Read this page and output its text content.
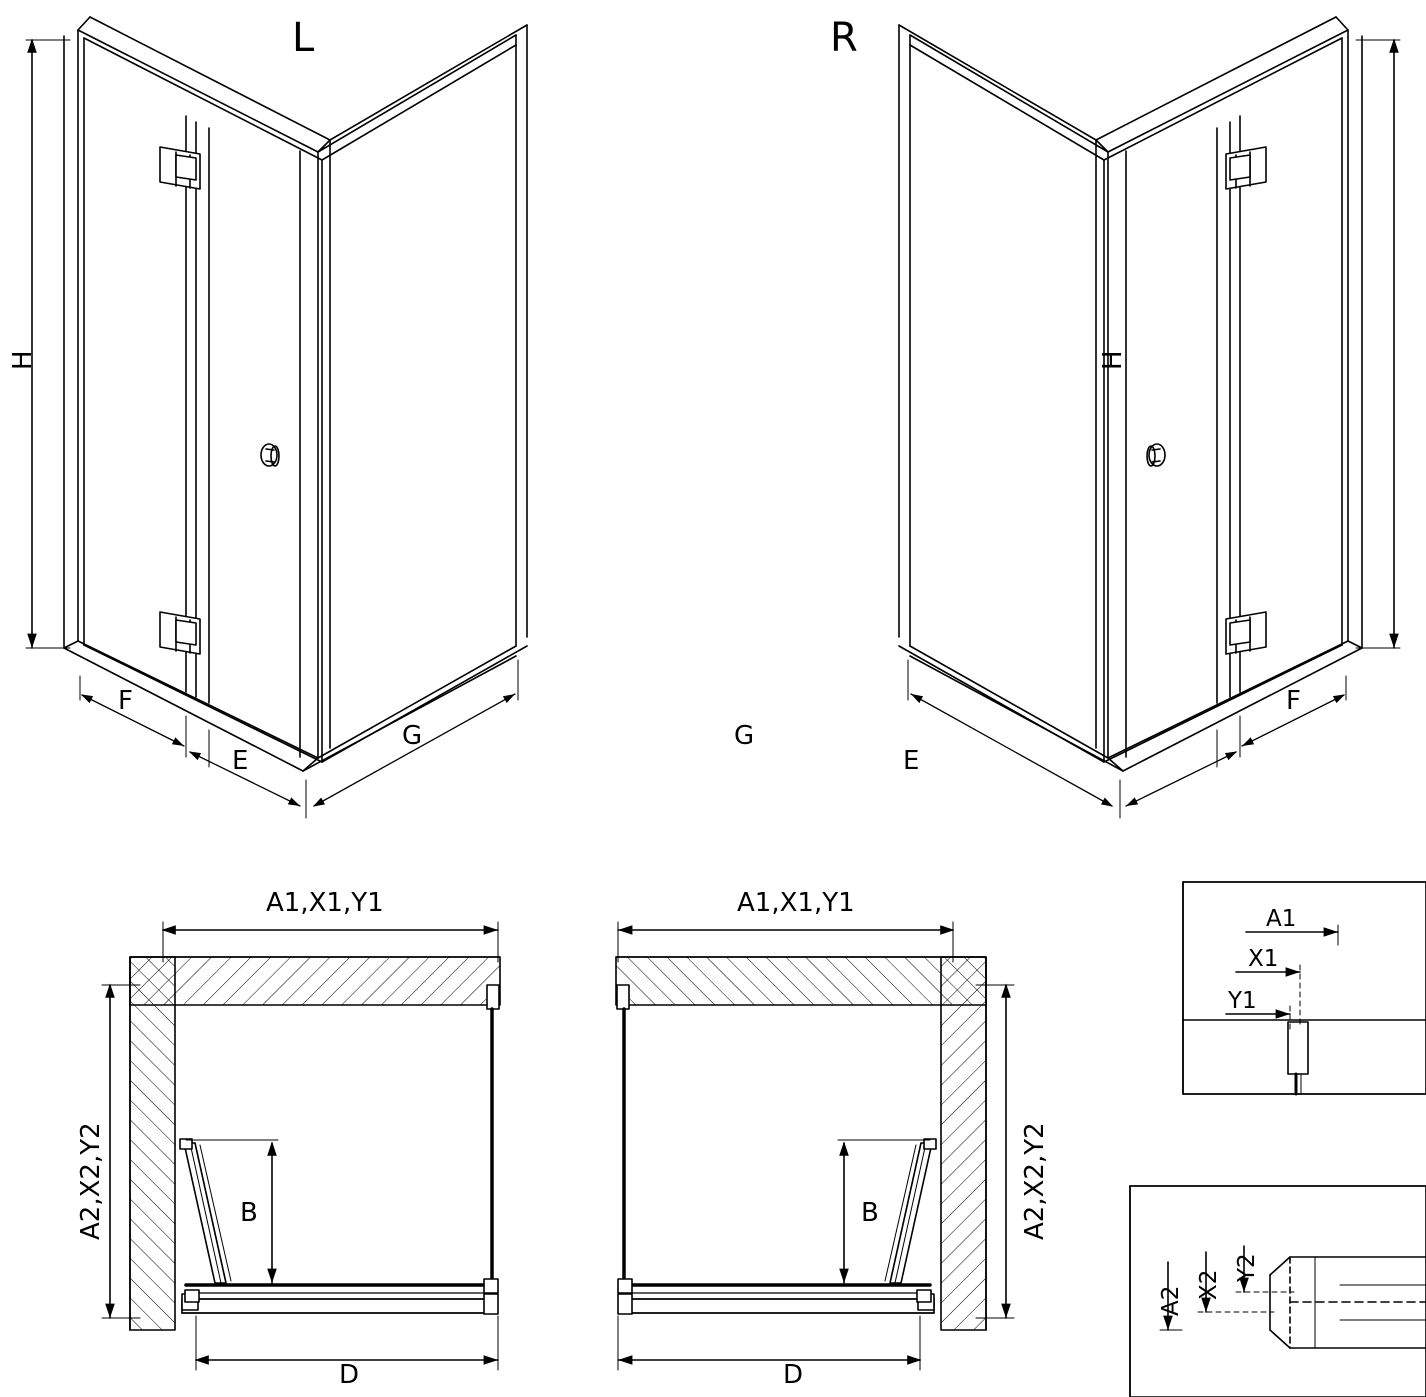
L
H
F
E
G
R
H
F
E
G
A1,X1,Y1
A2,X2,Y2	B
D
A1,X1,Y1
A2,X2,Y2
B
D
A1
X1
Y1
A2
X2
Y2
